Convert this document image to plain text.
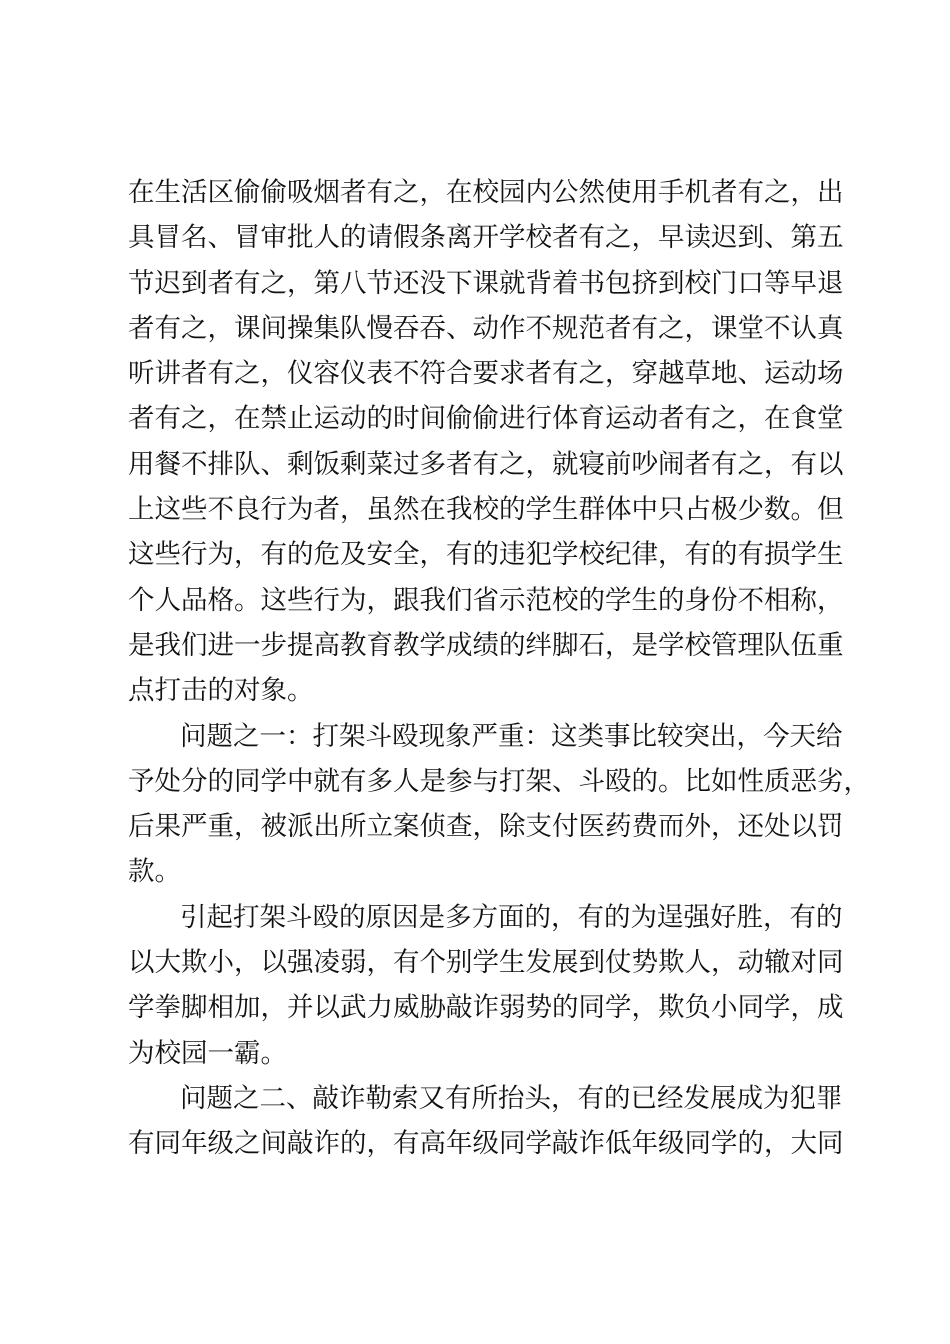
在生活区偷偷吸烟者有之，在校园内公然使用手机者有之，出
具冒名、冒审批人的请假条离开学校者有之，早读迟到、第五
节迟到者有之，第八节还没下课就背着书包挤到校门口等早退
者有之，课间操集队慢吞吞、动作不规范者有之，课堂不认真
听讲者有之，仪容仪表不符合要求者有之，穿越草地、运动场
者有之，在禁止运动的时间偷偷进行体育运动者有之，在食堂
用餐不排队、剩饭剩菜过多者有之，就寝前吵闹者有之，有以
上这些不良行为者，虽然在我校的学生群体中只占极少数。但
这些行为，有的危及安全，有的违犯学校纪律，有的有损学生
个人品格。这些行为，跟我们省示范校的学生的身份不相称，
是我们进一步提高教育教学成绩的绊脚石，是学校管理队伍重
点打击的对象。
问题之一：打架斗殴现象严重：这类事比较突出，今天给
予处分的同学中就有多人是参与打架、斗殴的。比如性质恶劣，
后果严重，被派出所立案侦查，除支付医药费而外，还处以罚
款。
引起打架斗殴的原因是多方面的，有的为逞强好胜，有的
以大欺小，以强凌弱，有个别学生发展到仗势欺人，动辙对同
学拳脚相加，并以武力威胁敲诈弱势的同学，欺负小同学，成
为校园一霸。
问题之二、敲诈勒索又有所抬头，有的已经发展成为犯罪
有同年级之间敲诈的，有高年级同学敲诈低年级同学的，大同
